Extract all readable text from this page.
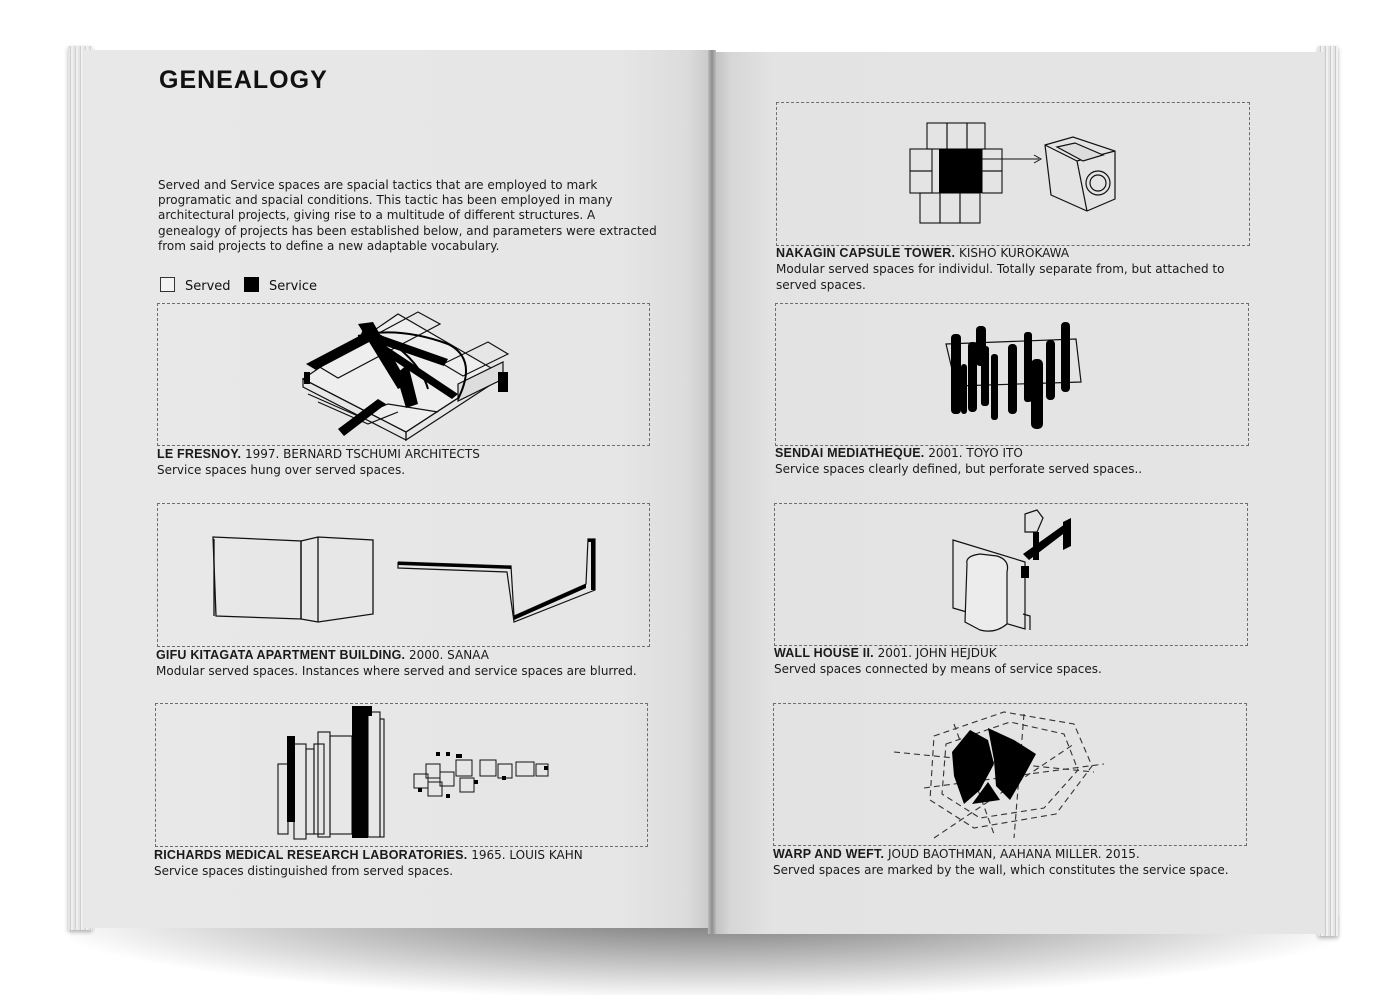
GENEALOGY
Served and Service spaces are spacial tactics that are employed to mark programatic and spacial conditions. This tactic has been employed in many architectural projects, giving rise to a multitude of different structures. A genealogy of projects has been established below, and parameters were extracted from said projects to define a new adaptable vocabulary.
Served	Service
LE FRESNOY. 1997. BERNARD TSCHUMI ARCHITECTS
Service spaces hung over served spaces.
GIFU KITAGATA APARTMENT BUILDING. 2000. SANAA
Modular served spaces. Instances where served and service spaces are blurred.
RICHARDS MEDICAL RESEARCH LABORATORIES. 1965. LOUIS KAHN
Service spaces distinguished from served spaces.
NAKAGIN CAPSULE TOWER. KISHO KUROKAWA
Modular served spaces for individul. Totally separate from, but attached to served spaces.
SENDAI MEDIATHEQUE. 2001. TOYO ITO
Service spaces clearly defined, but perforate served spaces..
WALL HOUSE II. 2001. JOHN HEJDUK
Served spaces connected by means of service spaces.
WARP AND WEFT. JOUD BAOTHMAN, AAHANA MILLER. 2015.
Served spaces are marked by the wall, which constitutes the service space.
